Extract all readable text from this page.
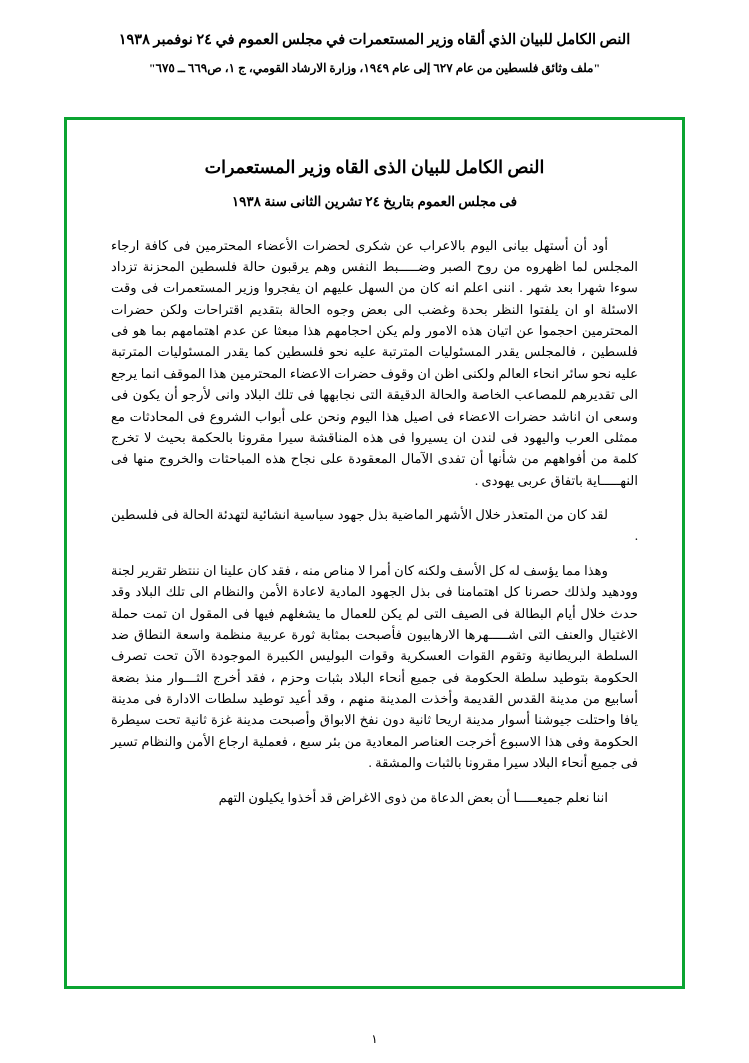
النص الكامل للبيان الذي ألقاه وزير المستعمرات في مجلس العموم في ٢٤ نوفمبر ١٩٣٨
"ملف وثائق فلسطين من عام ٦٢٧ إلى عام ١٩٤٩، وزارة الارشاد القومي، ج ١، ص٦٦٩ ــ ٦٧٥"
النص الكامل للبيان الذى القاه وزير المستعمرات
فى مجلس العموم بتاريخ ٢٤ تشرين الثانى سنة ١٩٣٨

أود أن أستهل بيانى اليوم بالاعراب عن شكرى لحضرات الأعضاء المحترمين فى كافة ارجاء المجلس لما اظهروه من روح الصبر وضـــــبط النفس وهم يرقبون حالة فلسطين المحزنة تزداد سوءا شهرا بعد شهر . اننى اعلم انه كان من السهل عليهم ان يفجروا وزير المستعمرات فى وقت الاسئلة او ان يلفتوا النظر بحدة وغضب الى بعض وجوه الحالة بتقديم اقتراحات ولكن حضرات المحترمين احجموا عن اتيان هذه الامور ولم يكن احجامهم هذا مبعثا عن عدم اهتمامهم بما هو فى فلسطين ، فالمجلس يقدر المسئوليات المترتبة عليه نحو فلسطين كما يقدر المسئوليات المترتبة عليه نحو سائر انحاء العالم ولكنى اظن ان وقوف حضرات الاعضاء المحترمين هذا الموقف انما يرجع الى تقديرهم للمصاعب الخاصة والحالة الدقيقة التى نجابهها فى تلك البلاد وانى لأرجو أن يكون فى وسعى ان اناشد حضرات الاعضاء فى اصيل هذا اليوم ونحن على أبواب الشروع فى المحادثات مع ممثلى العرب واليهود فى لندن ان يسيروا فى هذه المناقشة سيرا مقرونا بالحكمة بحيث لا تخرج كلمة من أفواههم من شأنها أن تفدى الآمال المعقودة على نجاح هذه المباحثات والخروج منها فى النهـــــاية باتفاق عربى يهودى .

لقد كان من المتعذر خلال الأشهر الماضية بذل جهود سياسية انشائية لتهدئة الحالة فى فلسطين .

وهذا مما يؤسف له كل الأسف ولكنه كان أمرا لا مناص منه ، فقد كان علينا ان ننتظر تقرير لجنة وودهيد ولذلك حصرنا كل اهتمامنا فى بذل الجهود المادية لاعادة الأمن والنظام الى تلك البلاد وقد حدث خلال أيام البطالة فى الصيف التى لم يكن للعمال ما يشغلهم فيها فى المقول ان تمت حملة الاغتيال والعنف التى اشـــــهرها الارهابيون فأصبحت بمثابة ثورة عربية منظمة واسعة النطاق ضد السلطة البريطانية وتقوم القوات العسكرية وقوات البوليس الكبيرة الموجودة الآن تحت تصرف الحكومة بتوطيد سلطة الحكومة فى جميع أنحاء البلاد بثبات وحزم ، فقد أخرج الثـــوار منذ بضعة أسابيع من مدينة القدس القديمة وأخذت المدينة منهم ، وقد أعيد توطيد سلطات الادارة فى مدينة يافا واحتلت جيوشنا أسوار مدينة اريحا ثانية دون نفخ الابواق وأصبحت مدينة غزة ثانية تحت سيطرة الحكومة وفى هذا الاسبوع أخرجت العناصر المعادية من بئر سبع ، فعملية ارجاع الأمن والنظام تسير فى جميع أنحاء البلاد سيرا مقرونا بالثبات والمشقة .

اننا نعلم جميعـــــا أن بعض الدعاة من ذوى الاغراض قد أخذوا يكيلون التهم

١
